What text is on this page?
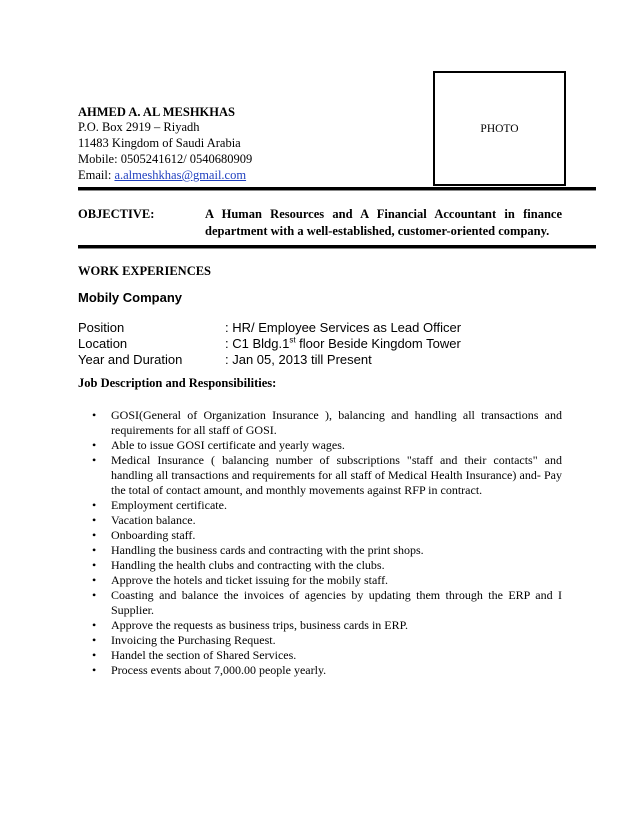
PHOTO
AHMED A. AL MESHKHAS
P.O. Box 2919 – Riyadh
11483 Kingdom of Saudi Arabia
Mobile: 0505241612/ 0540680909
Email: a.almeshkhas@gmail.com
OBJECTIVE:	A Human Resources and A Financial Accountant in finance department with a well-established, customer-oriented company.
WORK EXPERIENCES
Mobily Company
Position	: HR/ Employee Services as Lead Officer
Location	: C1 Bldg.1st floor Beside Kingdom Tower
Year and Duration	: Jan 05, 2013 till Present
Job Description and Responsibilities:
• GOSI(General of Organization Insurance ), balancing and handling all transactions and requirements for all staff of GOSI.
• Able to issue GOSI certificate and yearly wages.
• Medical Insurance ( balancing number of subscriptions "staff and their contacts" and handling all transactions and requirements for all staff of Medical Health Insurance) and- Pay the total of contact amount, and monthly movements against RFP in contract.
• Employment certificate.
• Vacation balance.
• Onboarding staff.
• Handling the business cards and contracting with the print shops.
• Handling the health clubs and contracting with the clubs.
• Approve the hotels and ticket issuing for the mobily staff.
• Coasting and balance the invoices of agencies by updating them through the ERP and I Supplier.
• Approve the requests as business trips, business cards in ERP.
• Invoicing the Purchasing Request.
• Handel the section of Shared Services.
• Process events about 7,000.00 people yearly.
